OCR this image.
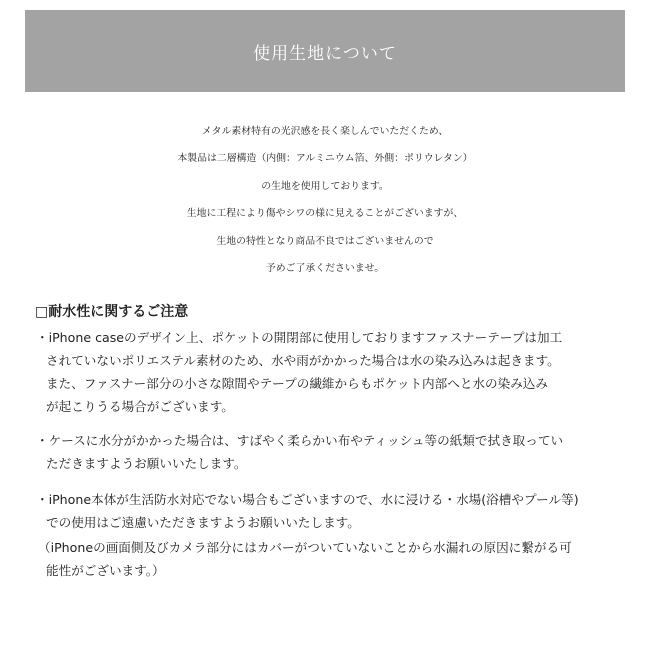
使用生地について
メタル素材特有の光沢感を長く楽しんでいただくため、
本製品は二層構造（内側：アルミニウム箔、外側：ポリウレタン）
の生地を使用しております。
生地に工程により傷やシワの様に見えることがございますが、
生地の特性となり商品不良ではございませんので
予めご了承くださいませ。
□耐水性に関するご注意
・iPhone caseのデザイン上、ポケットの開閉部に使用しておりますファスナーテープは加工
されていないポリエステル素材のため、水や雨がかかった場合は水の染み込みは起きます。
また、ファスナー部分の小さな隙間やテープの繊維からもポケット内部へと水の染み込み
が起こりうる場合がございます。
・ケースに水分がかかった場合は、すばやく柔らかい布やティッシュ等の紙類で拭き取ってい
ただきますようお願いいたします。
・iPhone本体が生活防水対応でない場合もございますので、水に浸ける・水場(浴槽やプール等)
での使用はご遠慮いただきますようお願いいたします。
（iPhoneの画面側及びカメラ部分にはカバーがついていないことから水漏れの原因に繋がる可
能性がございます。）
